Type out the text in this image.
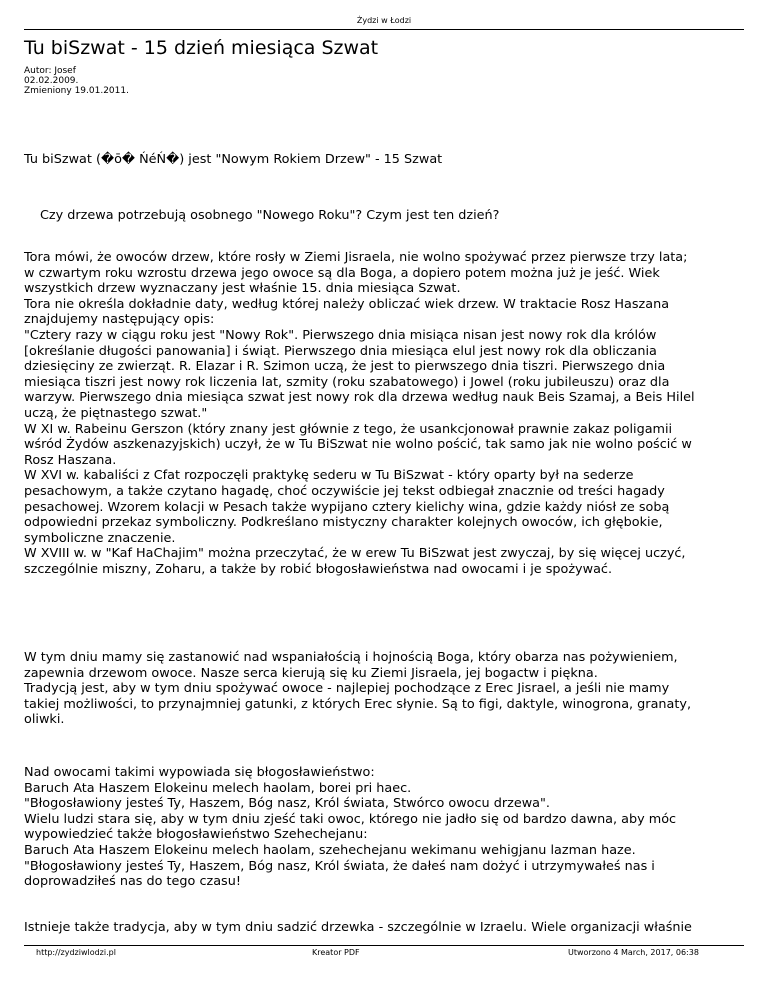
Żydzi w Łodzi
Tu biSzwat - 15 dzień miesiąca Szwat
Autor: Josef
02.02.2009.
Zmieniony 19.01.2011.
Tu biSzwat (�ō� ŃéŃ�) jest "Nowym Rokiem Drzew" - 15 Szwat
Czy drzewa potrzebują osobnego "Nowego Roku"? Czym jest ten dzień?
Tora mówi, że owoców drzew, które rosły w Ziemi Jisraela, nie wolno spożywać przez pierwsze trzy lata;
w czwartym roku wzrostu drzewa jego owoce są dla Boga, a dopiero potem można już je jeść. Wiek
wszystkich drzew wyznaczany jest właśnie 15. dnia miesiąca Szwat.
Tora nie określa dokładnie daty, według której należy obliczać wiek drzew. W traktacie Rosz Haszana
znajdujemy następujący opis:
"Cztery razy w ciągu roku jest "Nowy Rok". Pierwszego dnia misiąca nisan jest nowy rok dla królów
[określanie długości panowania] i świąt. Pierwszego dnia miesiąca elul jest nowy rok dla obliczania
dziesięciny ze zwierząt. R. Elazar i R. Szimon uczą, że jest to pierwszego dnia tiszri. Pierwszego dnia
miesiąca tiszri jest nowy rok liczenia lat, szmity (roku szabatowego) i Jowel (roku jubileuszu) oraz dla
warzyw. Pierwszego dnia miesiąca szwat jest nowy rok dla drzewa według nauk Beis Szamaj, a Beis Hilel
uczą, że piętnastego szwat."
W XI w. Rabeinu Gerszon (który znany jest głównie z tego, że usankcjonował prawnie zakaz poligamii
wśród Żydów aszkenazyjskich) uczył, że w Tu BiSzwat nie wolno pościć, tak samo jak nie wolno pościć w
Rosz Haszana.
W XVI w. kabaliści z Cfat rozpoczęli praktykę sederu w Tu BiSzwat - który oparty był na sederze
pesachowym, a także czytano hagadę, choć oczywiście jej tekst odbiegał znacznie od treści hagady
pesachowej. Wzorem kolacji w Pesach także wypijano cztery kielichy wina, gdzie każdy niósł ze sobą
odpowiedni przekaz symboliczny. Podkreślano mistyczny charakter kolejnych owoców, ich głębokie,
symboliczne znaczenie.
W XVIII w. w "Kaf HaChajim" można przeczytać, że w erew Tu BiSzwat jest zwyczaj, by się więcej uczyć,
szczególnie miszny, Zoharu, a także by robić błogosławieństwa nad owocami i je spożywać.
W tym dniu mamy się zastanowić nad wspaniałością i hojnością Boga, który obarza nas pożywieniem,
zapewnia drzewom owoce. Nasze serca kierują się ku Ziemi Jisraela, jej bogactw i piękna.
Tradycją jest, aby w tym dniu spożywać owoce - najlepiej pochodzące z Erec Jisrael, a jeśli nie mamy
takiej możliwości, to przynajmniej gatunki, z których Erec słynie. Są to figi, daktyle, winogrona, granaty,
oliwki.
Nad owocami takimi wypowiada się błogosławieństwo:
Baruch Ata Haszem Elokeinu melech haolam, borei pri haec.
"Błogosławiony jesteś Ty, Haszem, Bóg nasz, Król świata, Stwórco owocu drzewa".
Wielu ludzi stara się, aby w tym dniu zjeść taki owoc, którego nie jadło się od bardzo dawna, aby móc
wypowiedzieć także błogosławieństwo Szehechejanu:
Baruch Ata Haszem Elokeinu melech haolam, szehechejanu wekimanu wehigjanu lazman haze.
"Błogosławiony jesteś Ty, Haszem, Bóg nasz, Król świata, że dałeś nam dożyć i utrzymywałeś nas i
doprowadziłeś nas do tego czasu!
Istnieje także tradycja, aby w tym dniu sadzić drzewka - szczególnie w Izraelu. Wiele organizacji właśnie
http://zydziwlodzi.pl	Kreator PDF	Utworzono 4 March, 2017, 06:38
